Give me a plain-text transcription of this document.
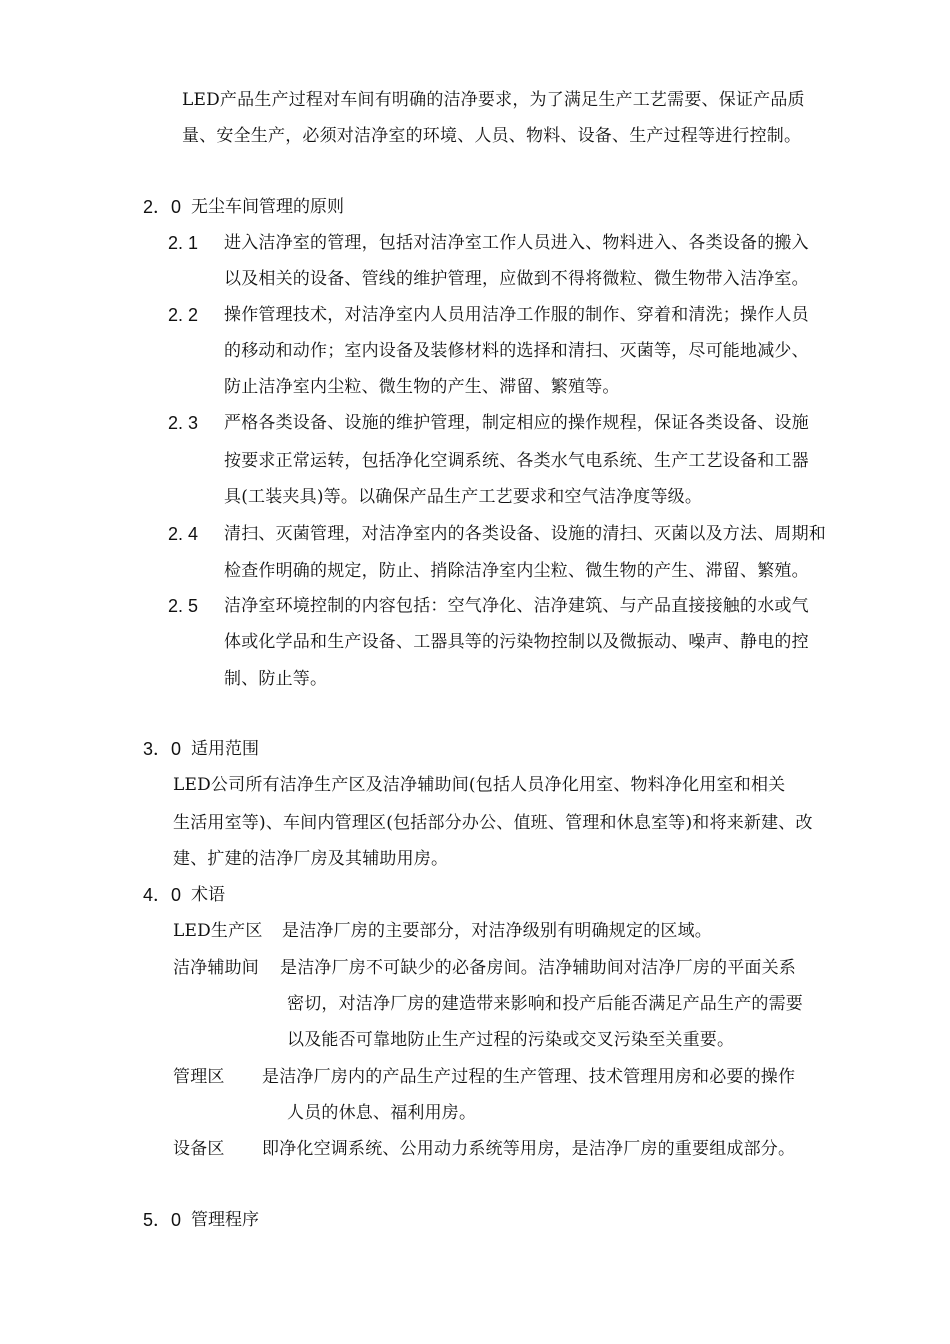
LED产品生产过程对车间有明确的洁净要求，为了满足生产工艺需要、保证产品质
量、安全生产，必须对洁净室的环境、人员、物料、设备、生产过程等进行控制。
2．0 无尘车间管理的原则
2. 1 进入洁净室的管理，包括对洁净室工作人员进入、物料进入、各类设备的搬入
以及相关的设备、管线的维护管理，应做到不得将微粒、微生物带入洁净室。
2. 2 操作管理技术，对洁净室内人员用洁净工作服的制作、穿着和清洗；操作人员
的移动和动作；室内设备及装修材料的选择和清扫、灭菌等，尽可能地减少、
防止洁净室内尘粒、微生物的产生、滞留、繁殖等。
2. 3 严格各类设备、设施的维护管理，制定相应的操作规程，保证各类设备、设施
按要求正常运转，包括净化空调系统、各类水气电系统、生产工艺设备和工器
具(工装夹具)等。以确保产品生产工艺要求和空气洁净度等级。
2. 4 清扫、灭菌管理，对洁净室内的各类设备、设施的清扫、灭菌以及方法、周期和
检查作明确的规定，防止、捎除洁净室内尘粒、微生物的产生、滞留、繁殖。
2. 5 洁净室环境控制的内容包括：空气净化、洁净建筑、与产品直接接触的水或气
体或化学品和生产设备、工器具等的污染物控制以及微振动、噪声、静电的控
制、防止等。
3．0 适用范围
LED公司所有洁净生产区及洁净辅助间(包括人员净化用室、物料净化用室和相关
生活用室等)、车间内管理区(包括部分办公、值班、管理和休息室等)和将来新建、改
建、扩建的洁净厂房及其辅助用房。
4．0 术语
LED生产区 是洁净厂房的主要部分，对洁净级别有明确规定的区域。
洁净辅助间 是洁净厂房不可缺少的必备房间。洁净辅助间对洁净厂房的平面关系
密切，对洁净厂房的建造带来影响和投产后能否满足产品生产的需要
以及能否可靠地防止生产过程的污染或交叉污染至关重要。
管理区 是洁净厂房内的产品生产过程的生产管理、技术管理用房和必要的操作
人员的休息、福利用房。
设备区 即净化空调系统、公用动力系统等用房，是洁净厂房的重要组成部分。
5．0 管理程序
